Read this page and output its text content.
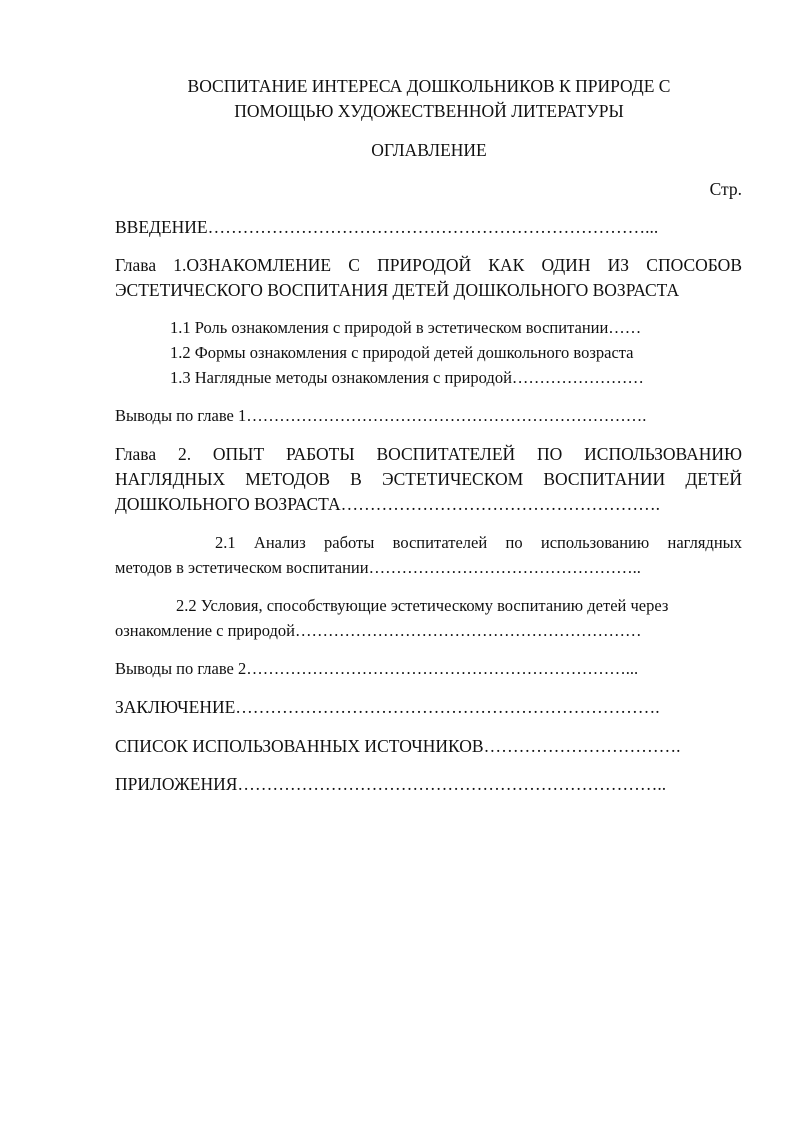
ВОСПИТАНИЕ ИНТЕРЕСА ДОШКОЛЬНИКОВ К ПРИРОДЕ С
ПОМОЩЬЮ ХУДОЖЕСТВЕННОЙ ЛИТЕРАТУРЫ
ОГЛАВЛЕНИЕ
Стр.
ВВЕДЕНИЕ…………………………………………………………………...
Глава 1.ОЗНАКОМЛЕНИЕ С ПРИРОДОЙ КАК ОДИН ИЗ СПОСОБОВ
ЭСТЕТИЧЕСКОГО ВОСПИТАНИЯ ДЕТЕЙ ДОШКОЛЬНОГО ВОЗРАСТА
1.1 Роль ознакомления с природой в эстетическом воспитании……
1.2 Формы ознакомления с природой детей дошкольного возраста
1.3 Наглядные методы ознакомления с природой……………………
Выводы по главе 1……………………………………………………………….
Глава 2. ОПЫТ РАБОТЫ ВОСПИТАТЕЛЕЙ ПО ИСПОЛЬЗОВАНИЮ
НАГЛЯДНЫХ МЕТОДОВ В ЭСТЕТИЧЕСКОМ ВОСПИТАНИИ ДЕТЕЙ
ДОШКОЛЬНОГО ВОЗРАСТА……………………………………………….
2.1 Анализ работы воспитателей по использованию наглядных
методов в эстетическом воспитании…………………………………………..
2.2 Условия, способствующие эстетическому воспитанию детей через
ознакомление с природой………………………………………………………
Выводы по главе 2……………………………………………………………...
ЗАКЛЮЧЕНИЕ……………………………………………………………….
СПИСОК ИСПОЛЬЗОВАННЫХ ИСТОЧНИКОВ…………………………….
ПРИЛОЖЕНИЯ………………………………………………………………..
